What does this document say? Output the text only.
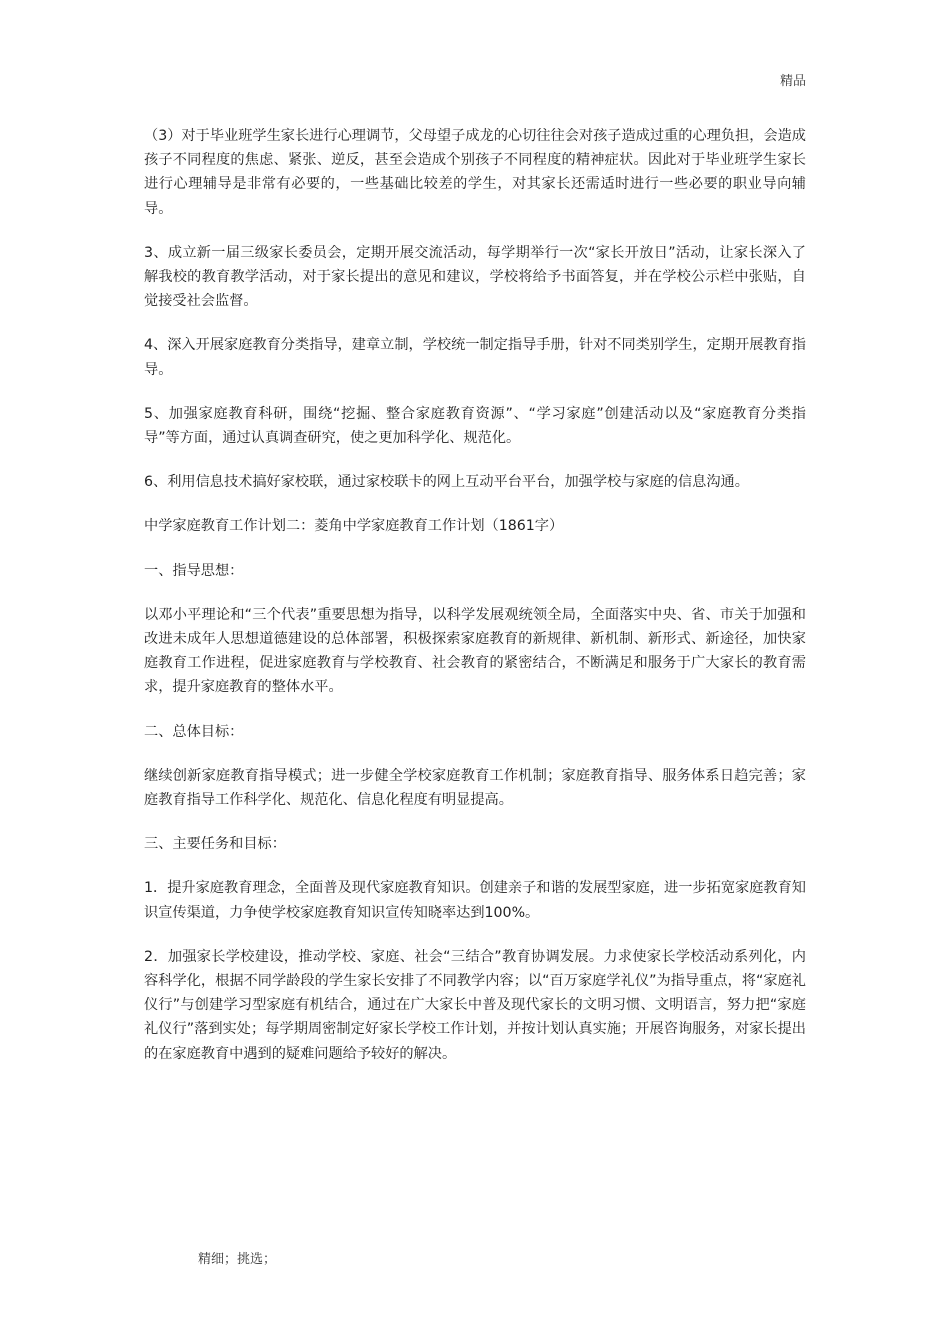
精品

（3）对于毕业班学生家长进行心理调节，父母望子成龙的心切往往会对孩子造成过重的心理负担，会造成孩子不同程度的焦虑、紧张、逆反，甚至会造成个别孩子不同程度的精神症状。因此对于毕业班学生家长进行心理辅导是非常有必要的，一些基础比较差的学生，对其家长还需适时进行一些必要的职业导向辅导。

3、成立新一届三级家长委员会，定期开展交流活动，每学期举行一次“家长开放日”活动，让家长深入了解我校的教育教学活动，对于家长提出的意见和建议，学校将给予书面答复，并在学校公示栏中张贴，自觉接受社会监督。

4、深入开展家庭教育分类指导，建章立制，学校统一制定指导手册，针对不同类别学生，定期开展教育指导。

5、加强家庭教育科研，围绕“挖掘、整合家庭教育资源”、“学习家庭”创建活动以及“家庭教育分类指导”等方面，通过认真调查研究，使之更加科学化、规范化。

6、利用信息技术搞好家校联，通过家校联卡的网上互动平台平台，加强学校与家庭的信息沟通。

中学家庭教育工作计划二：菱角中学家庭教育工作计划（1861字）

一、指导思想：

以邓小平理论和“三个代表”重要思想为指导，以科学发展观统领全局，全面落实中央、省、市关于加强和改进未成年人思想道德建设的总体部署，积极探索家庭教育的新规律、新机制、新形式、新途径，加快家庭教育工作进程，促进家庭教育与学校教育、社会教育的紧密结合，不断满足和服务于广大家长的教育需求，提升家庭教育的整体水平。

二、总体目标：

继续创新家庭教育指导模式；进一步健全学校家庭教育工作机制；家庭教育指导、服务体系日趋完善；家庭教育指导工作科学化、规范化、信息化程度有明显提高。

三、主要任务和目标：

1．提升家庭教育理念，全面普及现代家庭教育知识。创建亲子和谐的发展型家庭，进一步拓宽家庭教育知识宣传渠道，力争使学校家庭教育知识宣传知晓率达到100%。

2．加强家长学校建设，推动学校、家庭、社会“三结合”教育协调发展。力求使家长学校活动系列化，内容科学化，根据不同学龄段的学生家长安排了不同教学内容；以“百万家庭学礼仪”为指导重点，将“家庭礼仪行”与创建学习型家庭有机结合，通过在广大家长中普及现代家长的文明习惯、文明语言，努力把“家庭礼仪行”落到实处；每学期周密制定好家长学校工作计划，并按计划认真实施；开展咨询服务，对家长提出的在家庭教育中遇到的疑难问题给予较好的解决。

精细；挑选；
